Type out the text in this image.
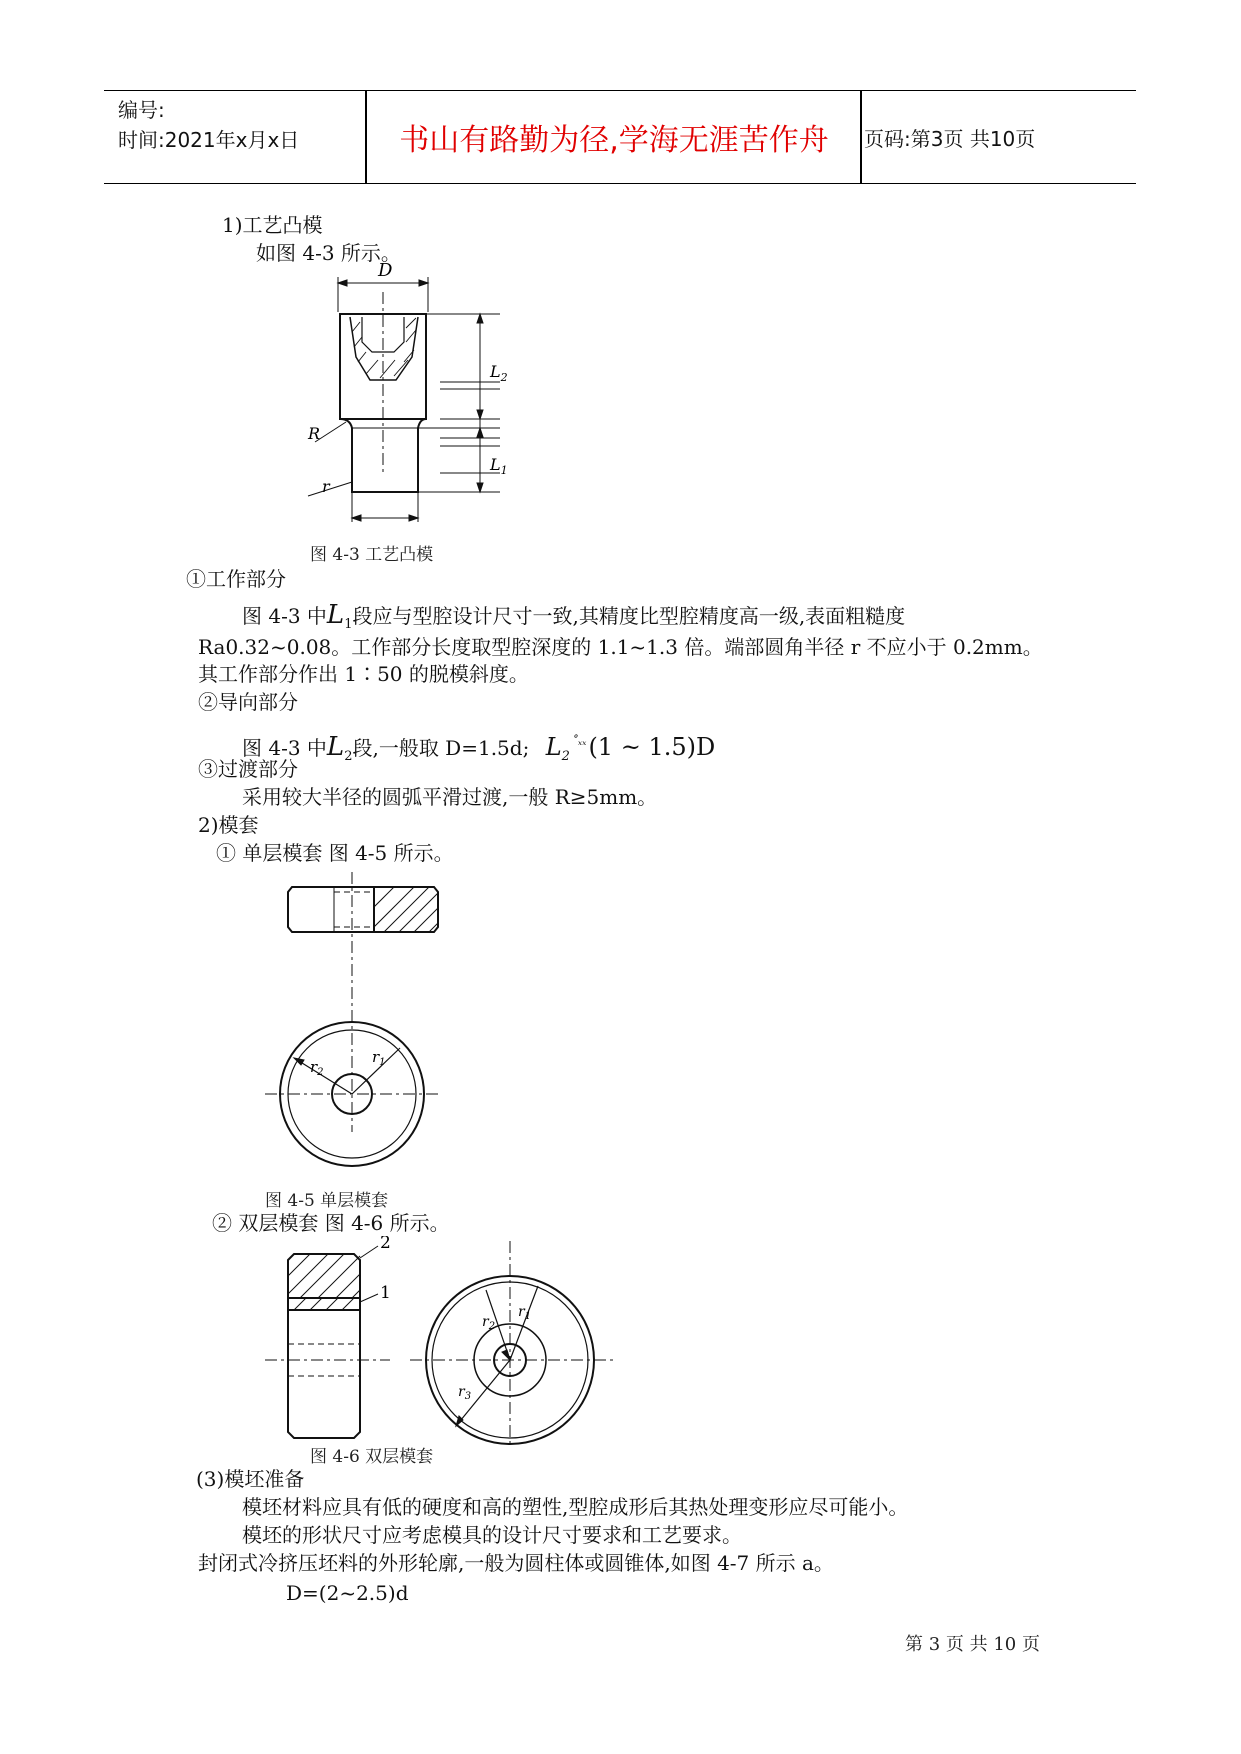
编号:
时间:2021年x月x日	书山有路勤为径,学海无涯苦作舟	页码:第3页 共10页
1)工艺凸模
如图 4-3 所示。
D
$L_2$
$L_1$
R
r
图 4-3 工艺凸模
①工作部分
图 4-3 中$L_1$段应与型腔设计尺寸一致,其精度比型腔精度高一级,表面粗糙度
Ra0.32~0.08。工作部分长度取型腔深度的 1.1~1.3 倍。端部圆角半径 r 不应小于 0.2mm。
其工作部分作出 1∶50 的脱模斜度。
②导向部分
图 4-3 中$L_2$段,一般取 D=1.5d; $L_2^{˚_{xx}}(1$ ~ 1.5)D
③过渡部分
采用较大半径的圆弧平滑过渡,一般 R≥5mm。
2)模套
① 单层模套 图 4-5 所示。
$r_2$
$r_1$
图 4-5 单层模套
② 双层模套 图 4-6 所示。
2
1
$r_2$
$r_1$
$r_3$
图 4-6 双层模套
(3)模坯准备
模坯材料应具有低的硬度和高的塑性,型腔成形后其热处理变形应尽可能小。
模坯的形状尺寸应考虑模具的设计尺寸要求和工艺要求。
封闭式冷挤压坯料的外形轮廓,一般为圆柱体或圆锥体,如图 4-7 所示 a。
D=(2~2.5)d
第 3 页 共 10 页
